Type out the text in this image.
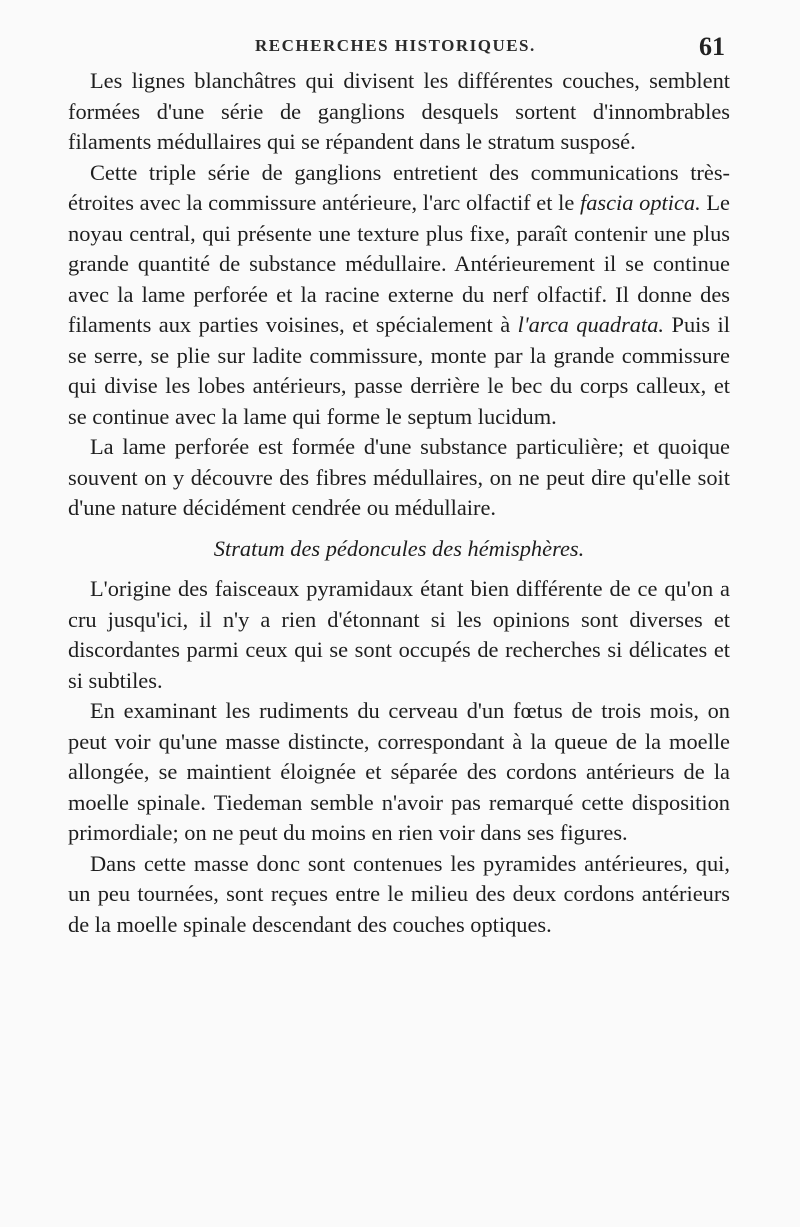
RECHERCHES HISTORIQUES.	61

Les lignes blanchâtres qui divisent les différentes couches, semblent formées d'une série de ganglions desquels sortent d'innombrables filaments médullaires qui se répandent dans le stratum susposé.

Cette triple série de ganglions entretient des communications très-étroites avec la commissure antérieure, l'arc olfactif et le fascia optica. Le noyau central, qui présente une texture plus fixe, paraît contenir une plus grande quantité de substance médullaire. Antérieurement il se continue avec la lame perforée et la racine externe du nerf olfactif. Il donne des filaments aux parties voisines, et spécialement à l'arca quadrata. Puis il se serre, se plie sur ladite commissure, monte par la grande commissure qui divise les lobes antérieurs, passe derrière le bec du corps calleux, et se continue avec la lame qui forme le septum lucidum.

La lame perforée est formée d'une substance particulière; et quoique souvent on y découvre des fibres médullaires, on ne peut dire qu'elle soit d'une nature décidément cendrée ou médullaire.

Stratum des pédoncules des hémisphères.

L'origine des faisceaux pyramidaux étant bien différente de ce qu'on a cru jusqu'ici, il n'y a rien d'étonnant si les opinions sont diverses et discordantes parmi ceux qui se sont occupés de recherches si délicates et si subtiles.

En examinant les rudiments du cerveau d'un fœtus de trois mois, on peut voir qu'une masse distincte, correspondant à la queue de la moelle allongée, se maintient éloignée et séparée des cordons antérieurs de la moelle spinale. Tiedeman semble n'avoir pas remarqué cette disposition primordiale; on ne peut du moins en rien voir dans ses figures.

Dans cette masse donc sont contenues les pyramides antérieures, qui, un peu tournées, sont reçues entre le milieu des deux cordons antérieurs de la moelle spinale descendant des couches optiques.
